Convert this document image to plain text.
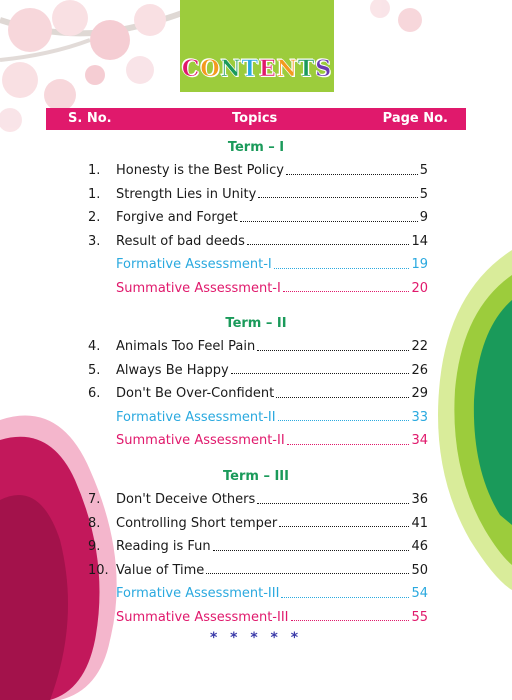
CONTENTS
S. No.	Topics	Page No.
Term – I
1.	Honesty is the Best Policy	5
1.	Strength Lies in Unity	5
2.	Forgive and Forget	9
3.	Result of bad deeds	14
Formative Assessment-I	19
Summative Assessment-I	20
Term – II
4.	Animals Too Feel Pain	22
5.	Always Be Happy	26
6.	Don't Be Over-Confident	29
Formative Assessment-II	33
Summative Assessment-II	34
Term – III
7.	Don't Deceive Others	36
8.	Controlling Short temper	41
9.	Reading is Fun	46
10. Value of Time	50
Formative Assessment-III	54
Summative Assessment-III	55
* * * * *
